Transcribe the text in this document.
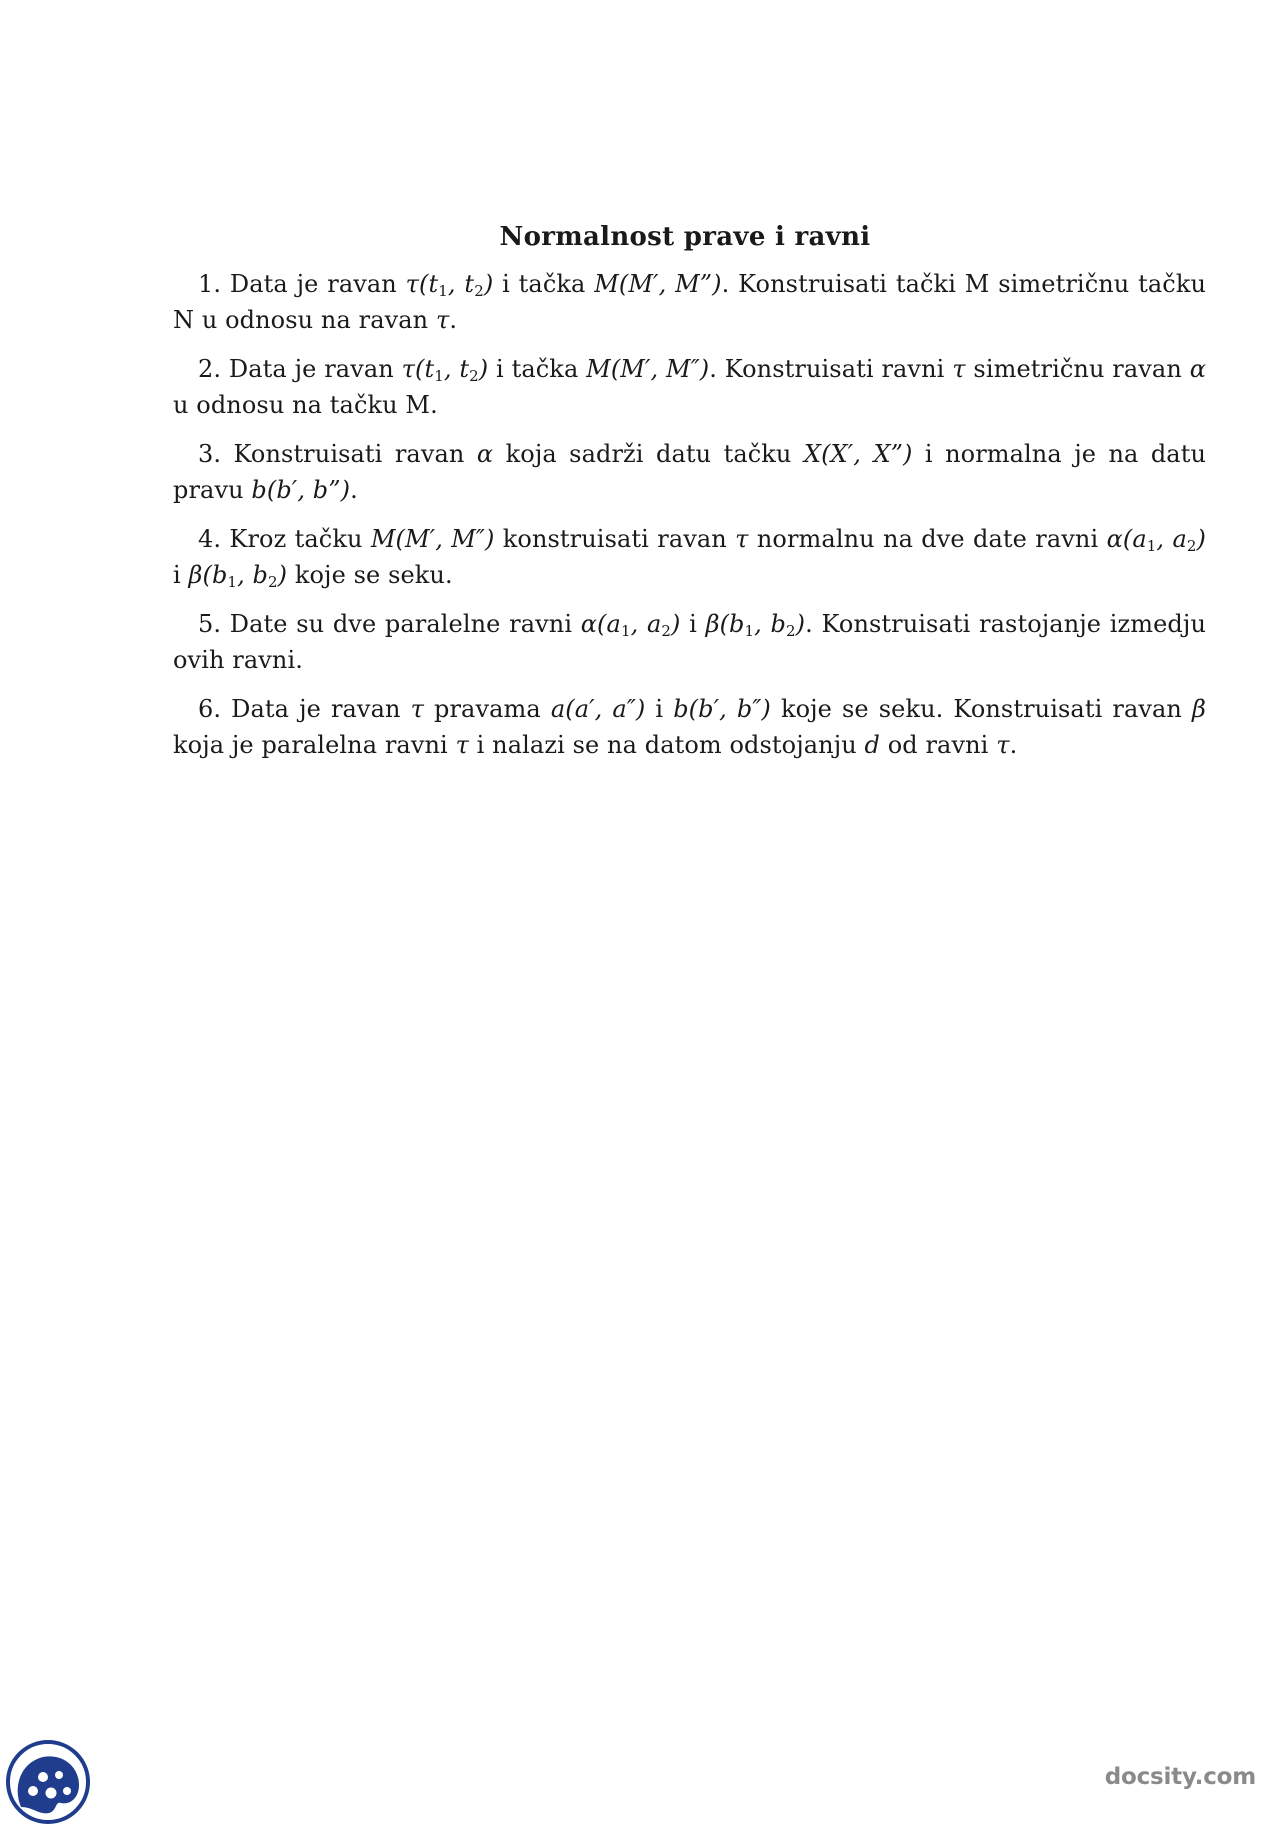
Normalnost prave i ravni
1. Data je ravan $\tau(t_1$, $t_2$) i tačka M(M′, M”). Konstruisati tački M simetričnu tačku N u odnosu na ravan τ.
2. Data je ravan $\tau(t_1$, $t_2$) i tačka M(M′, M″). Konstruisati ravni τ simetričnu ravan α u odnosu na tačku M.
3. Konstruisati ravan α koja sadrži datu tačku X(X′, X”) i normalna je na datu pravu b(b′, b”).
4. Kroz tačku M(M′, M″) konstruisati ravan τ normalnu na dve date ravni $\alpha(a_1$, $a_2$) i $\beta(b_1$, $b_2$) koje se seku.
5. Date su dve paralelne ravni $\alpha(a_1$, $a_2$) i $\beta(b_1$, $b_2$). Konstruisati rastojanje izmedju ovih ravni.
6. Data je ravan τ pravama a(a′, a″) i b(b′, b″) koje se seku. Konstruisati ravan β koja je paralelna ravni τ i nalazi se na datom odstojanju d od ravni τ.
docsity.com
